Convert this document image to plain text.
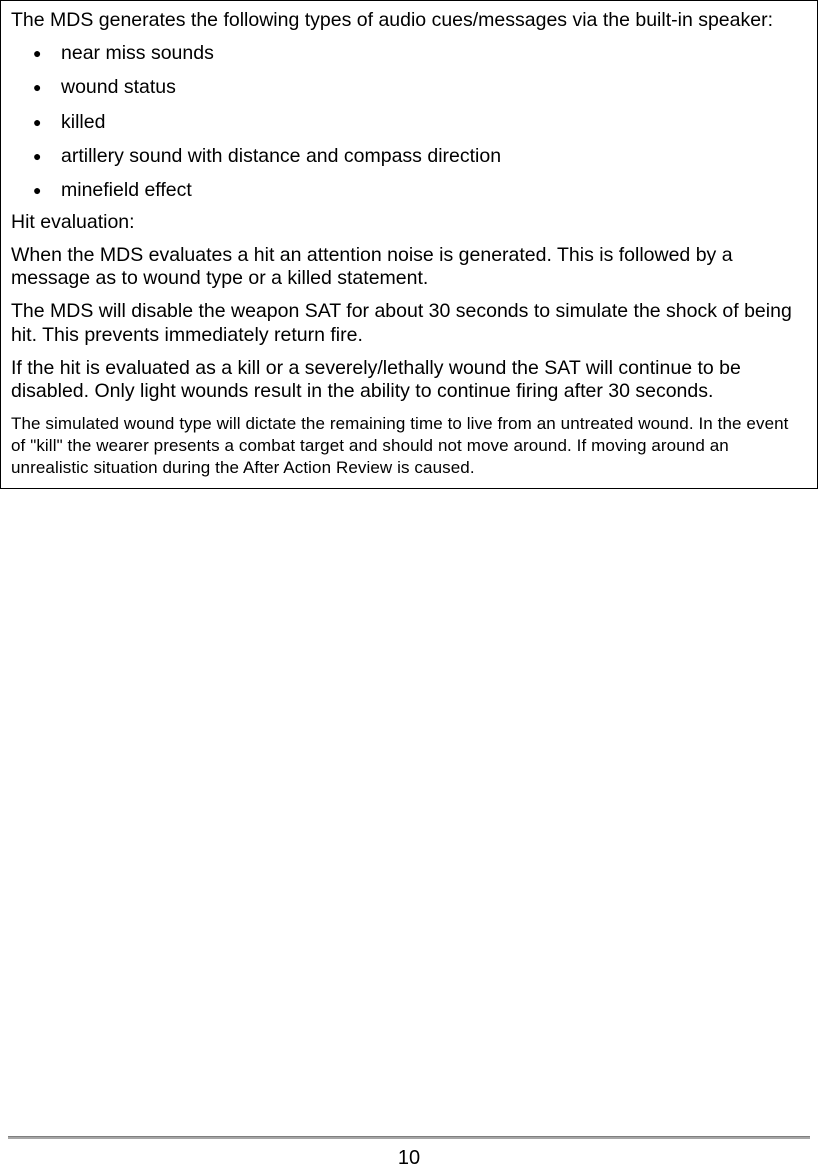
The MDS generates the following types of audio cues/messages via the built-in speaker:

● near miss sounds
● wound status
● killed
● artillery sound with distance and compass direction
● minefield effect

Hit evaluation:

When the MDS evaluates a hit an attention noise is generated. This is followed by a message as to wound type or a killed statement.

The MDS will disable the weapon SAT for about 30 seconds to simulate the shock of being hit. This prevents immediately return fire.

If the hit is evaluated as a kill or a severely/lethally wound the SAT will continue to be disabled. Only light wounds result in the ability to continue firing after 30 seconds.

The simulated wound type will dictate the remaining time to live from an untreated wound. In the event of "kill" the wearer presents a combat target and should not move around. If moving around an unrealistic situation during the After Action Review is caused.

10
